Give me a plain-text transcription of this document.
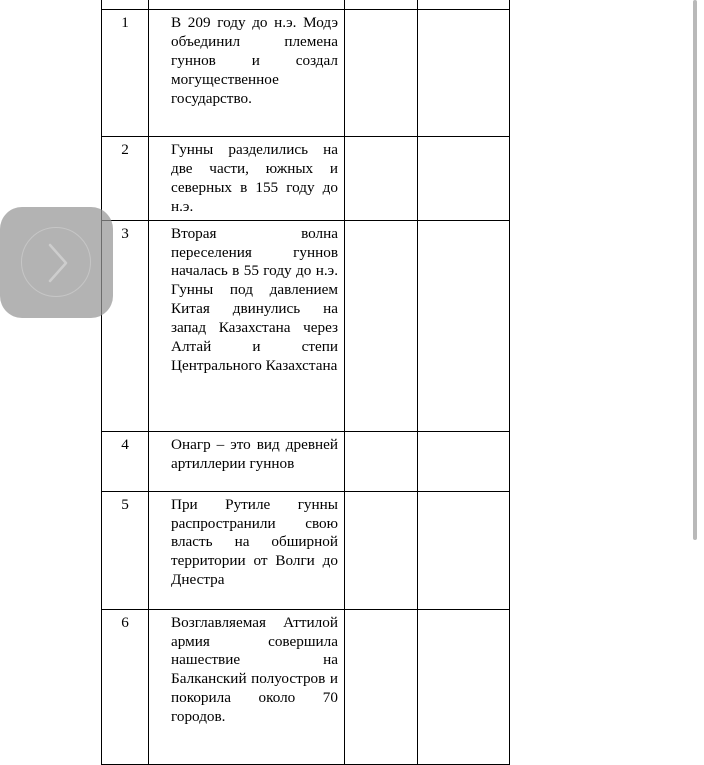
1	В 209 году до н.э. Модэ объединил племена гуннов и создал могущественное государство.		
2	Гунны разделились на две части, южных и северных в 155 году до н.э.		
3	Вторая волна переселения гуннов началась в 55 году до н.э. Гунны под давлением Китая двинулись на запад Казахстана через Алтай и степи Центрального Казахстана		
4	Онагр – это вид древней артиллерии гуннов		
5	При Рутиле гунны распространили свою власть на обширной территории от Волги до Днестра		
6	Возглавляемая Аттилой армия совершила нашествие на Балканский полуостров и покорила около 70 городов.		
